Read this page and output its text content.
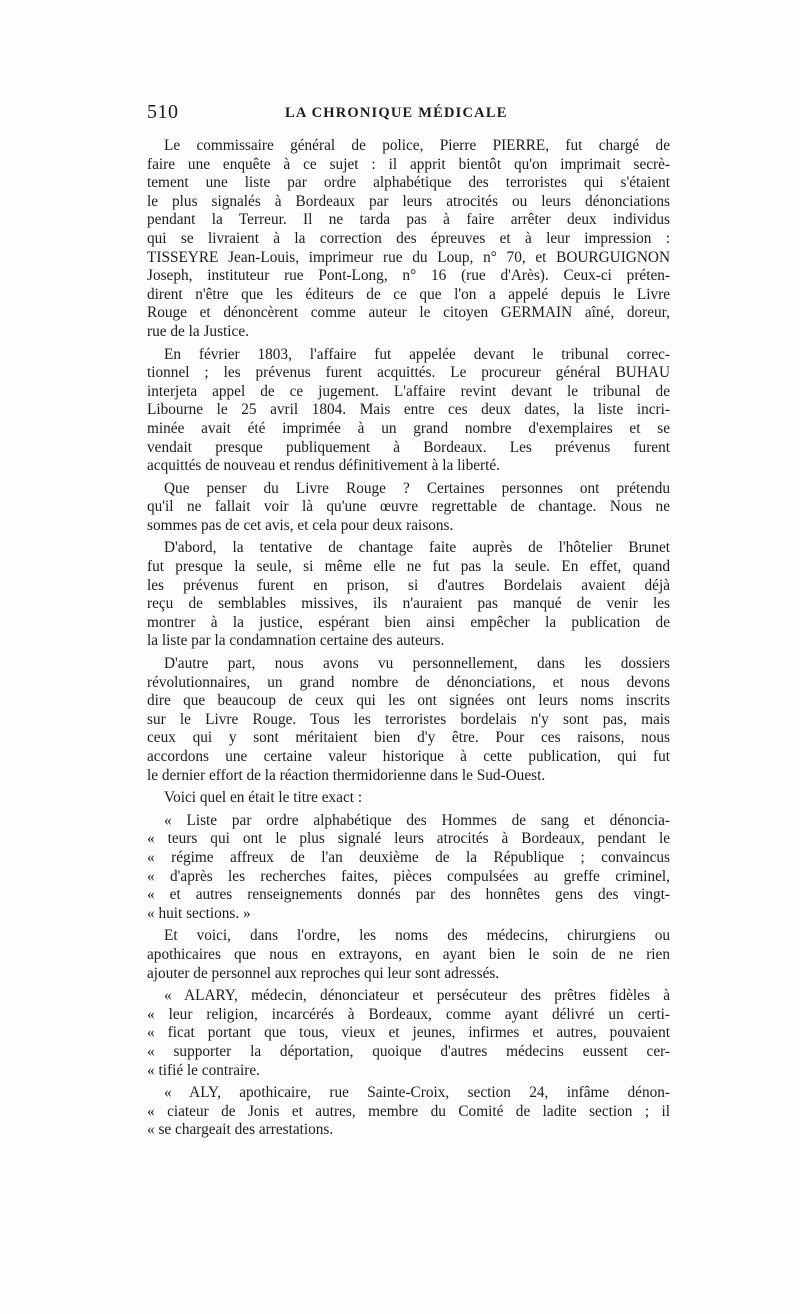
510	LA CHRONIQUE MÉDICALE
Le commissaire général de police, Pierre PIERRE, fut chargé de
faire une enquête à ce sujet : il apprit bientôt qu'on imprimait secrè-
tement une liste par ordre alphabétique des terroristes qui s'étaient
le plus signalés à Bordeaux par leurs atrocités ou leurs dénonciations
pendant la Terreur. Il ne tarda pas à faire arrêter deux individus
qui se livraient à la correction des épreuves et à leur impression :
TISSEYRE Jean-Louis, imprimeur rue du Loup, n° 70, et BOURGUIGNON
Joseph, instituteur rue Pont-Long, n° 16 (rue d'Arès). Ceux-ci préten-
dirent n'être que les éditeurs de ce que l'on a appelé depuis le Livre
Rouge et dénoncèrent comme auteur le citoyen GERMAIN aîné, doreur,
rue de la Justice.
En février 1803, l'affaire fut appelée devant le tribunal correc-
tionnel ; les prévenus furent acquittés. Le procureur général BUHAU
interjeta appel de ce jugement. L'affaire revint devant le tribunal de
Libourne le 25 avril 1804. Mais entre ces deux dates, la liste incri-
minée avait été imprimée à un grand nombre d'exemplaires et se
vendait presque publiquement à Bordeaux. Les prévenus furent
acquittés de nouveau et rendus définitivement à la liberté.
Que penser du Livre Rouge ? Certaines personnes ont prétendu
qu'il ne fallait voir là qu'une œuvre regrettable de chantage. Nous ne
sommes pas de cet avis, et cela pour deux raisons.
D'abord, la tentative de chantage faite auprès de l'hôtelier Brunet
fut presque la seule, si même elle ne fut pas la seule. En effet, quand
les prévenus furent en prison, si d'autres Bordelais avaient déjà
reçu de semblables missives, ils n'auraient pas manqué de venir les
montrer à la justice, espérant bien ainsi empêcher la publication de
la liste par la condamnation certaine des auteurs.
D'autre part, nous avons vu personnellement, dans les dossiers
révolutionnaires, un grand nombre de dénonciations, et nous devons
dire que beaucoup de ceux qui les ont signées ont leurs noms inscrits
sur le Livre Rouge. Tous les terroristes bordelais n'y sont pas, mais
ceux qui y sont méritaient bien d'y être. Pour ces raisons, nous
accordons une certaine valeur historique à cette publication, qui fut
le dernier effort de la réaction thermidorienne dans le Sud-Ouest.
Voici quel en était le titre exact :
« Liste par ordre alphabétique des Hommes de sang et dénoncia-
« teurs qui ont le plus signalé leurs atrocités à Bordeaux, pendant le
« régime affreux de l'an deuxième de la République ; convaincus
« d'après les recherches faites, pièces compulsées au greffe criminel,
« et autres renseignements donnés par des honnêtes gens des vingt-
« huit sections. »
Et voici, dans l'ordre, les noms des médecins, chirurgiens ou
apothicaires que nous en extrayons, en ayant bien le soin de ne rien
ajouter de personnel aux reproches qui leur sont adressés.
« ALARY, médecin, dénonciateur et persécuteur des prêtres fidèles à
« leur religion, incarcérés à Bordeaux, comme ayant délivré un certi-
« ficat portant que tous, vieux et jeunes, infirmes et autres, pouvaient
« supporter la déportation, quoique d'autres médecins eussent cer-
« tifié le contraire.
« ALY, apothicaire, rue Sainte-Croix, section 24, infâme dénon-
« ciateur de Jonis et autres, membre du Comité de ladite section ; il
« se chargeait des arrestations.
